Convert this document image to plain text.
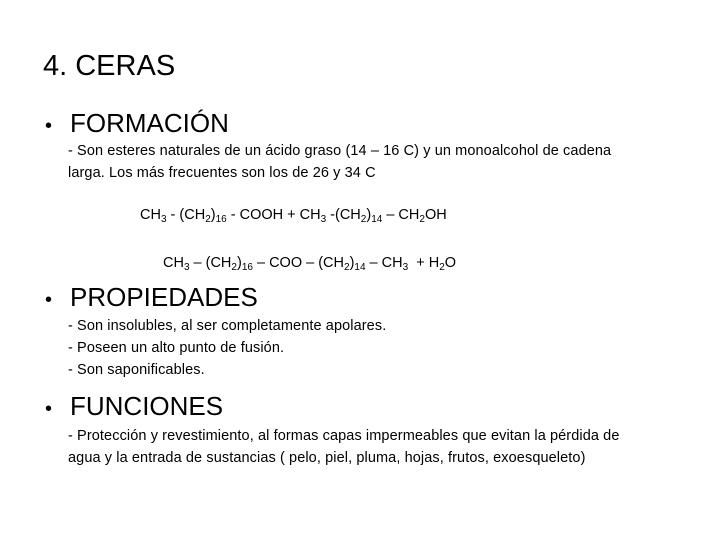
4. CERAS
• FORMACIÓN
- Son esteres naturales de un ácido graso (14 – 16 C) y un monoalcohol de cadena
larga. Los más frecuentes son los de 26 y 34 C
$CH_3 - (CH_2)_{16}$ - COOH + $CH_3$ $-(CH_2)_{14} - CH_2OH$
$CH_3 - (CH_2)_{16}$ – COO – $(CH_2)_{14} - CH_3 + H_2O$
• PROPIEDADES
- Son insolubles, al ser completamente apolares.
- Poseen un alto punto de fusión.
- Son saponificables.
• FUNCIONES
- Protección y revestimiento, al formas capas impermeables que evitan la pérdida de
agua y la entrada de sustancias ( pelo, piel, pluma, hojas, frutos, exoesqueleto)
